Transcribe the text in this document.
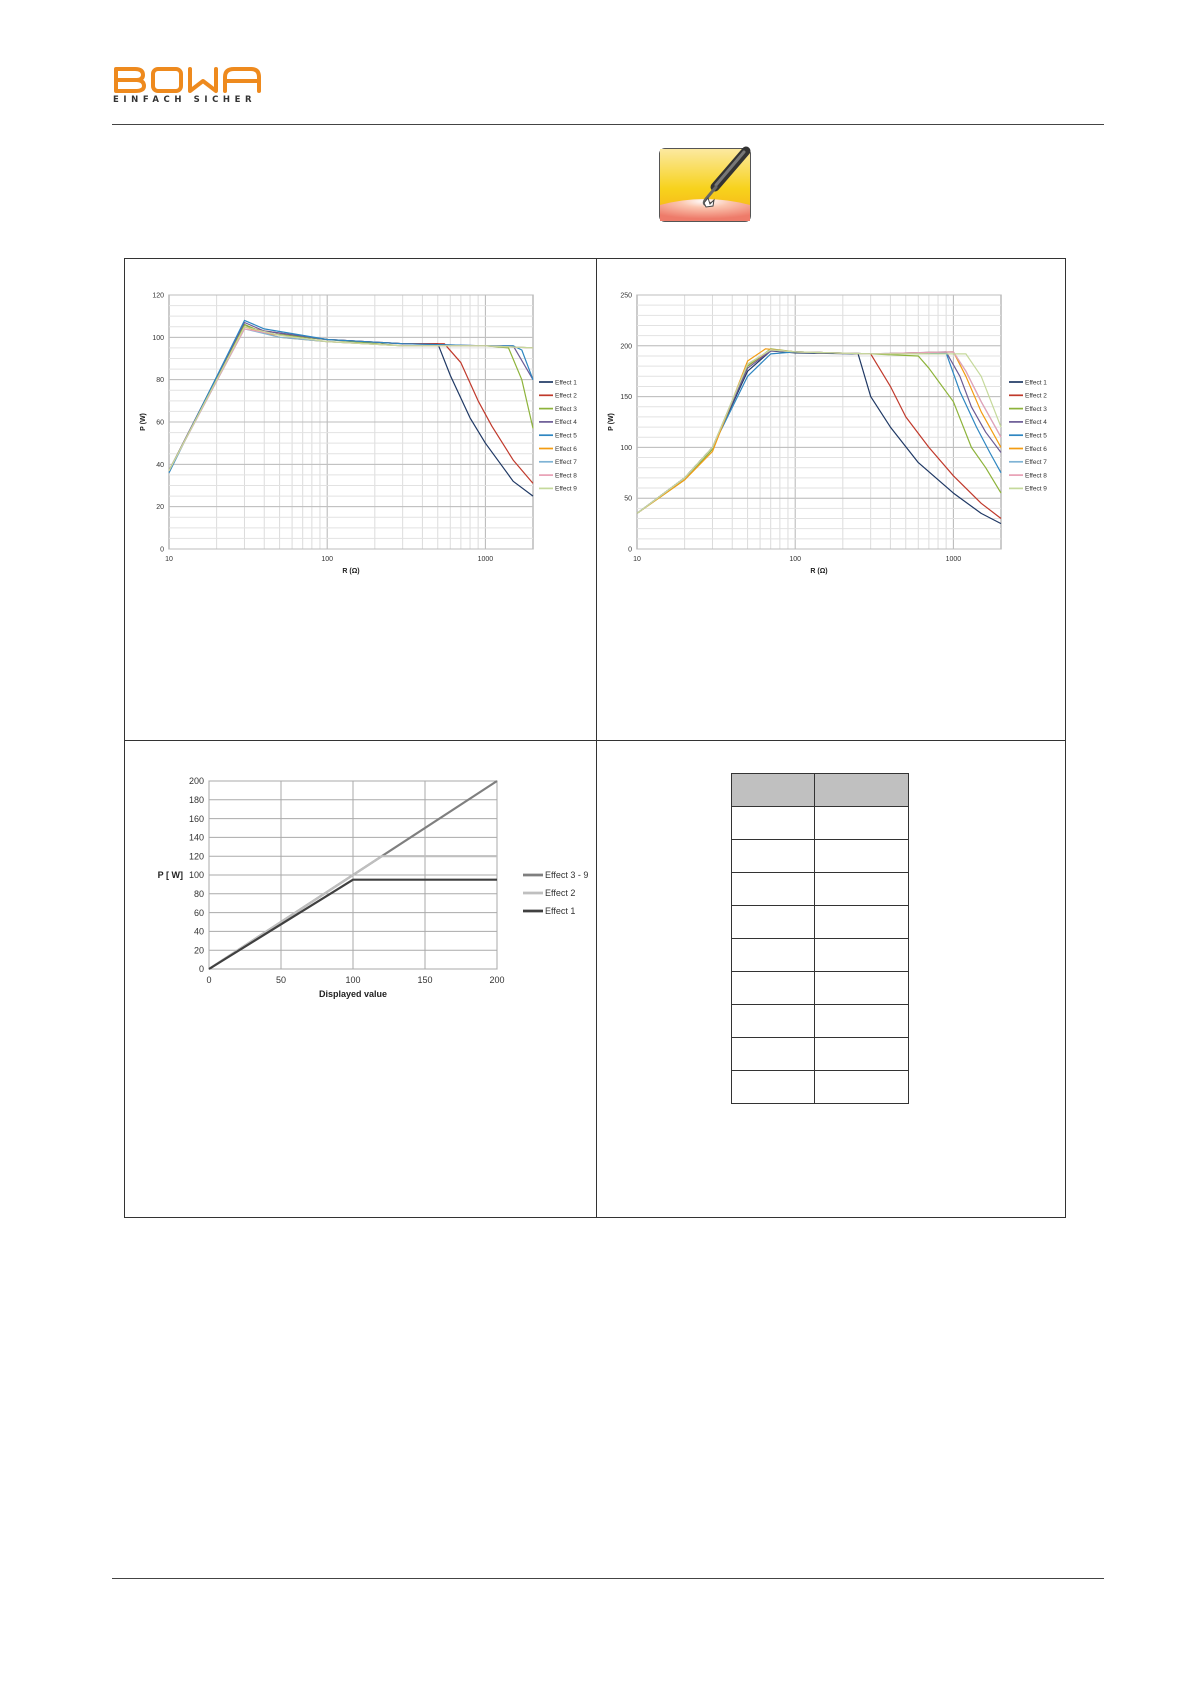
EINFACH SICHER
0
20
40
60
80
100
120
10	100	1000
R (Ω)
P (W)
Effect 1
Effect 2
Effect 3
Effect 4
Effect 5
Effect 6
Effect 7
Effect 8
Effect 9
0
50
100
150
200
250
10	100	1000
R (Ω)
P (W)
Effect 1
Effect 2
Effect 3
Effect 4
Effect 5
Effect 6
Effect 7
Effect 8
Effect 9
0
20
40
60
80
100
120
140
160
180
200
0	50	100	150	200
Displayed value
P [ W]	Effect 3 - 9
Effect 2
Effect 1
